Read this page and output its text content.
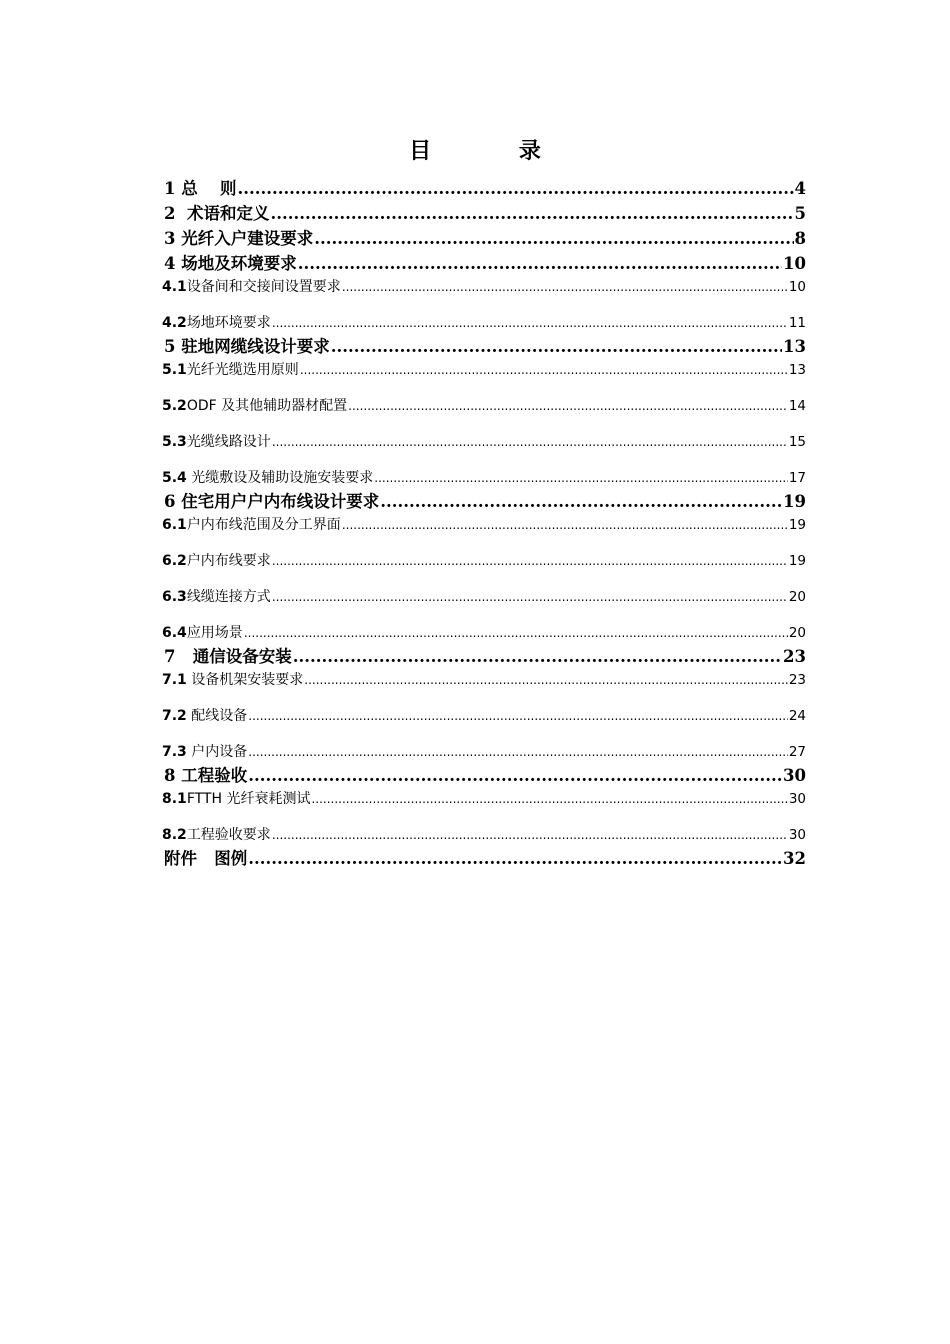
目 录
1 总　 则 .....	4
2  术语和定义 .....	5
3 光纤入户建设要求 .....	8
4 场地及环境要求 .....	10
4.1设备间和交接间设置要求 .....	10
4.2场地环境要求 .....	11
5 驻地网缆线设计要求 .....	13
5.1光纤光缆选用原则 .....	13
5.2ODF 及其他辅助器材配置 .....	14
5.3光缆线路设计 .....	15
5.4 光缆敷设及辅助设施安装要求 .....	17
6 住宅用户户内布线设计要求 .....	19
6.1户内布线范围及分工界面 .....	19
6.2户内布线要求 .....	19
6.3线缆连接方式 .....	20
6.4应用场景 .....	20
7   通信设备安装 .....	23
7.1 设备机架安装要求 .....	23
7.2 配线设备 .....	24
7.3 户内设备 .....	27
8 工程验收 .....	30
8.1FTTH 光纤衰耗测试 .....	30
8.2工程验收要求 .....	30
附件   图例 .....	32
